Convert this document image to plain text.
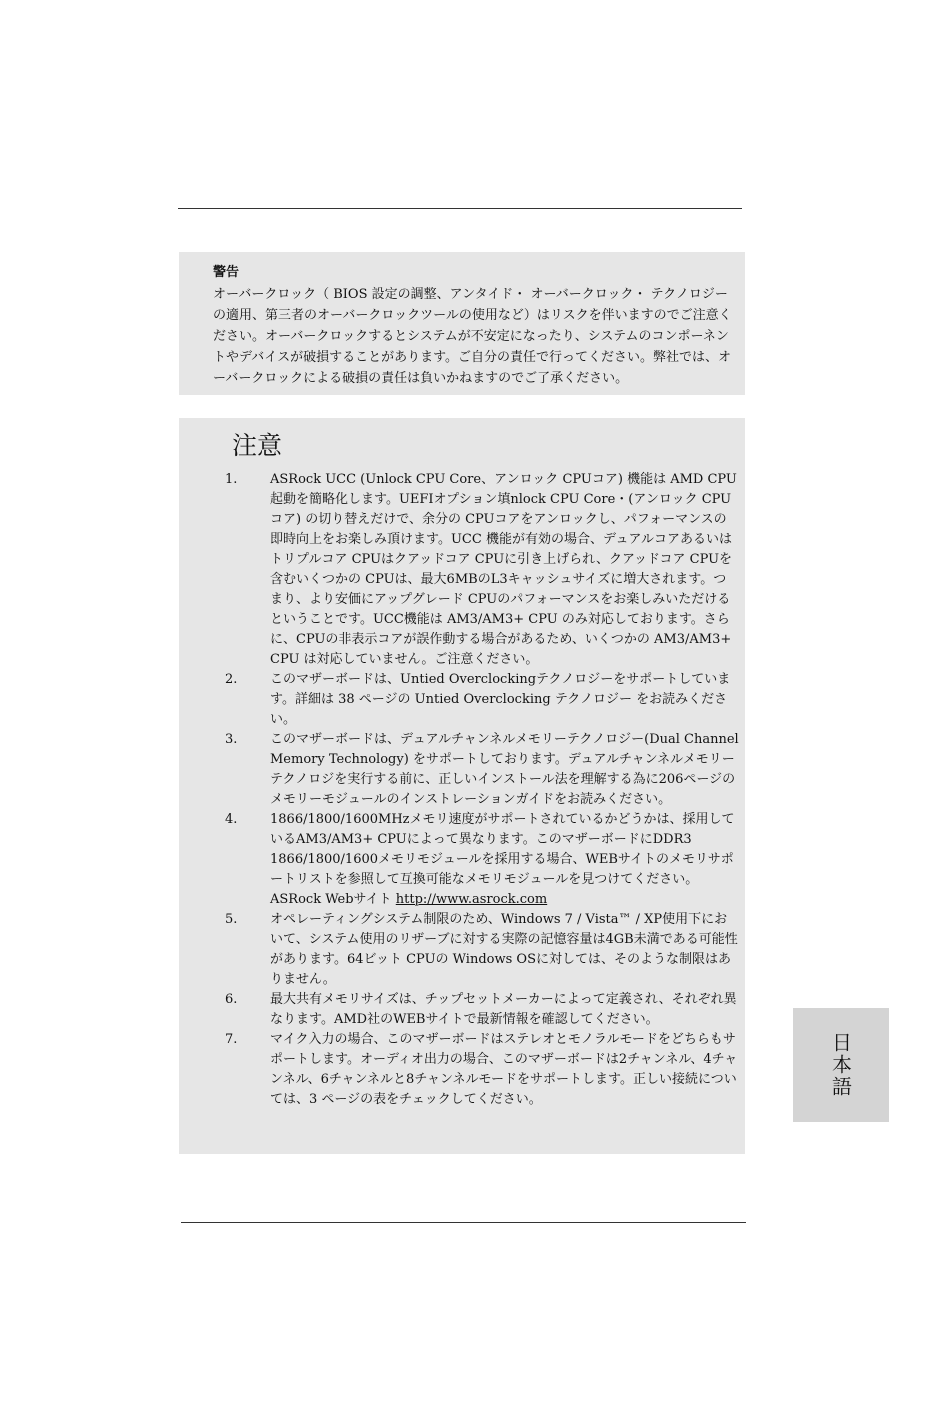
警告

オーバークロック（ BIOS 設定の調整、アンタイド・ オーバークロック・ テクノロジーの適用、第三者のオーバークロックツールの使用など）はリスクを伴いますのでご注意ください。オーバークロックするとシステムが不安定になったり、システムのコンポーネントやデバイスが破損することがあります。ご自分の責任で行ってください。弊社では、オーバークロックによる破損の責任は負いかねますのでご了承ください。

注意
1.	ASRock UCC (Unlock CPU Core、アンロック CPUコア) 機能は AMD CPU起動を簡略化します。UEFIオプション填nlock CPU Core・(アンロック CPUコア) の切り替えだけで、余分の CPUコアをアンロックし、パフォーマンスの即時向上をお楽しみ頂けます。UCC 機能が有効の場合、デュアルコアあるいはトリプルコア CPUはクアッドコア CPUに引き上げられ、クアッドコア CPUを含むいくつかの CPUは、最大6MBのL3キャッシュサイズに増大されます。つまり、より安価にアップグレード CPUのパフォーマンスをお楽しみいただけるということです。UCC機能は AM3/AM3+ CPU のみ対応しております。さらに、CPUの非表示コアが誤作動する場合があるため、いくつかの AM3/AM3+ CPU は対応していません。ご注意ください。

2.	このマザーボードは、Untied Overclockingテクノロジーをサポートしています。詳細は 38 ページの Untied Overclocking テクノロジー をお読みください。

3.	このマザーボードは、デュアルチャンネルメモリーテクノロジー(Dual Channel Memory Technology) をサポートしております。デュアルチャンネルメモリーテクノロジを実行する前に、正しいインストール法を理解する為に206ページのメモリーモジュールのインストレーションガイドをお読みください。

4.	1866/1800/1600MHzメモリ速度がサポートされているかどうかは、採用しているAM3/AM3+ CPUによって異なります。このマザーボードにDDR3 1866/1800/1600メモリモジュールを採用する場合、WEBサイトのメモリサポートリストを参照して互換可能なメモリモジュールを見つけてください。

ASRock Webサイト http://www.asrock.com

5.	オペレーティングシステム制限のため、Windows 7 / Vista™ / XP使用下において、システム使用のリザーブに対する実際の記憶容量は4GB未満である可能性があります。64ビット CPUの Windows OSに対しては、そのような制限はありません。

6.	最大共有メモリサイズは、チップセットメーカーによって定義され、それぞれ異なります。AMD社のWEBサイトで最新情報を確認してください。

7.	マイク入力の場合、このマザーボードはステレオとモノラルモードをどちらもサポートします。オーディオ出力の場合、このマザーボードは2チャンネル、4チャンネル、6チャンネルと8チャンネルモードをサポートします。正しい接続については、3 ページの表をチェックしてください。

日本語
